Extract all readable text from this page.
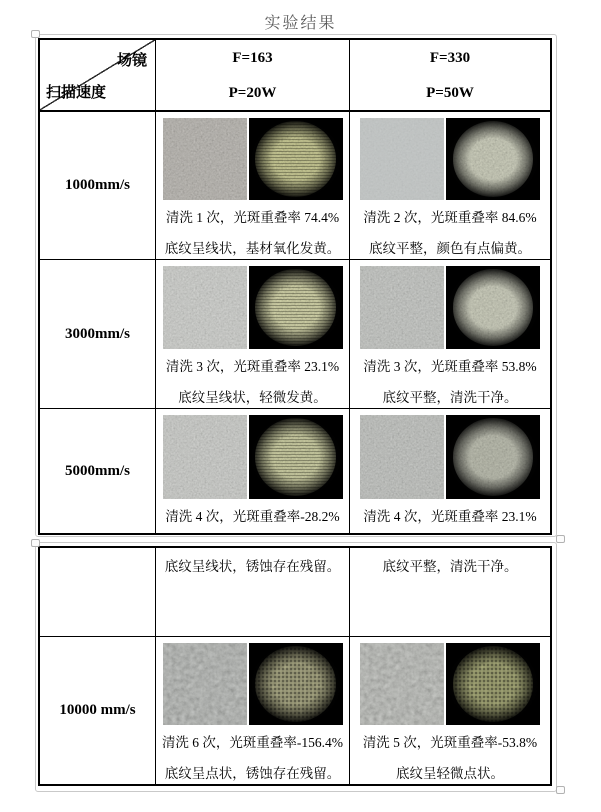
实验结果
场镜
扫描速度
F=163
P=20W
F=330
P=50W
1000mm/s
清洗 1 次，光斑重叠率 74.4%
底纹呈线状，基材氧化发黄。
清洗 2 次，光斑重叠率 84.6%
底纹平整，颜色有点偏黄。
3000mm/s
清洗 3 次，光斑重叠率 23.1%
底纹呈线状，轻微发黄。
清洗 3 次，光斑重叠率 53.8%
底纹平整，清洗干净。
5000mm/s
清洗 4 次，光斑重叠率-28.2% 清洗 4 次，光斑重叠率 23.1%
底纹呈线状，锈蚀存在残留。	底纹平整，清洗干净。
10000 mm/s
清洗 6 次，光斑重叠率-156.4%
底纹呈点状，锈蚀存在残留。
清洗 5 次，光斑重叠率-53.8%
底纹呈轻微点状。
